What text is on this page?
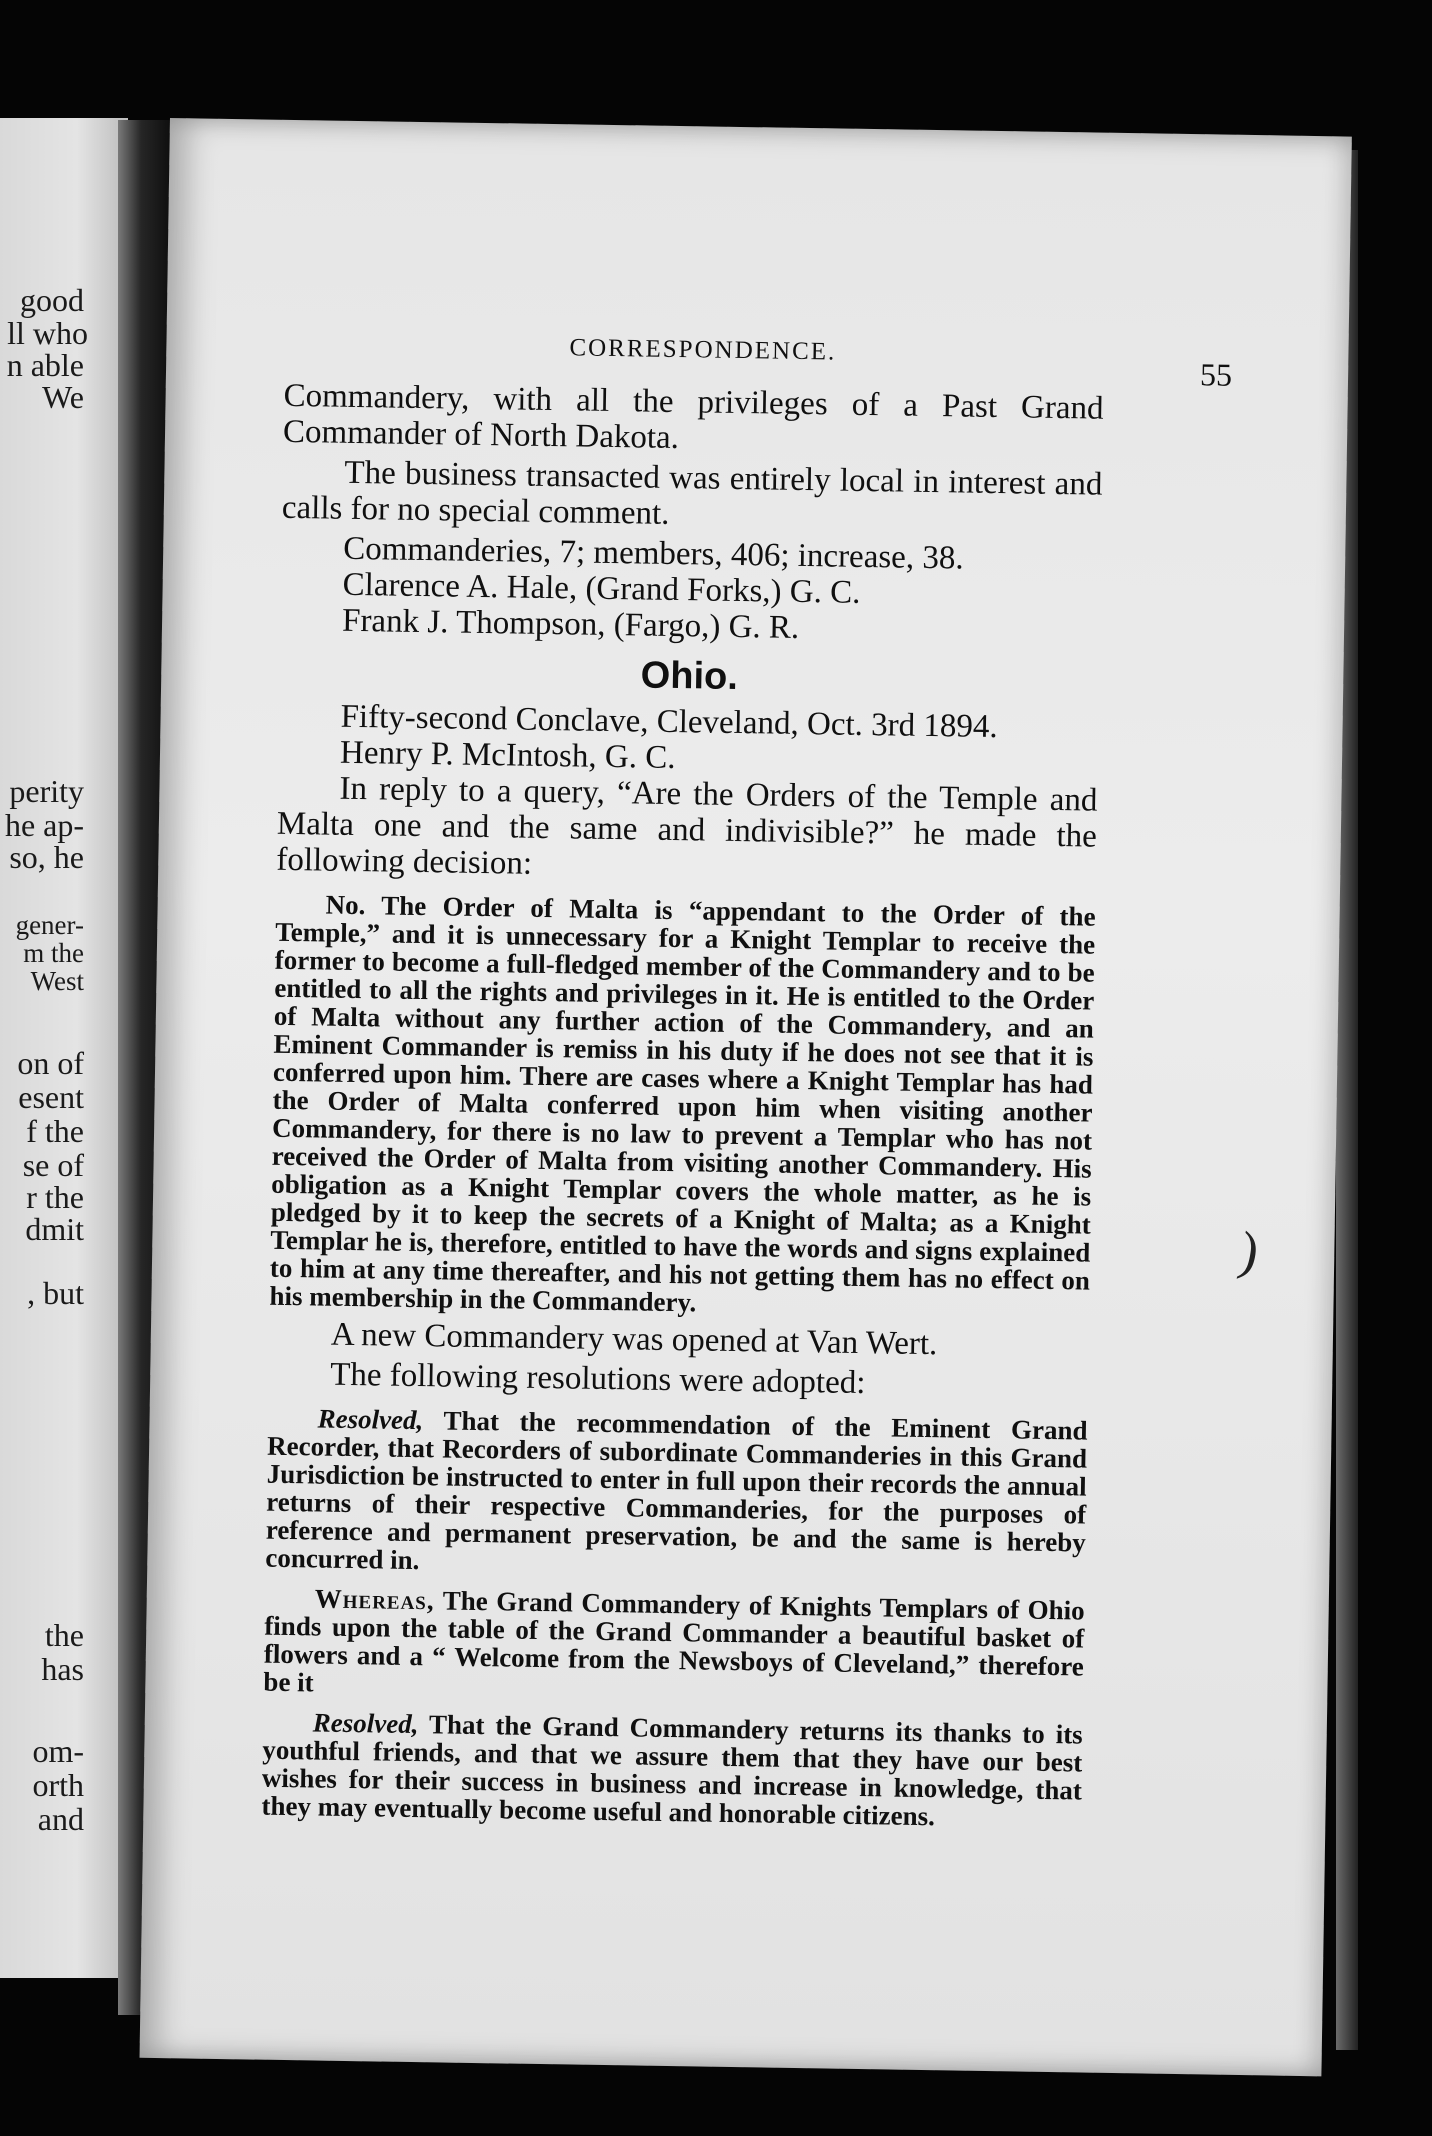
good
ll who
n able
We
perity
he ap-
so, he
gener-
m the
West
on of
esent
f the
se of
r the
dmit
, but
the
has
om-
orth
and
CORRESPONDENCE.
55

Commandery, with all the privileges of a Past Grand Commander of North Dakota.

The business transacted was entirely local in interest and calls for no special comment.

Commanderies, 7; members, 406; increase, 38.
Clarence A. Hale, (Grand Forks,) G. C.
Frank J. Thompson, (Fargo,) G. R.
Ohio.
Fifty-second Conclave, Cleveland, Oct. 3rd 1894.
Henry P. McIntosh, G. C.

In reply to a query, “Are the Orders of the Temple and Malta one and the same and indivisible?” he made the following decision:

No. The Order of Malta is “appendant to the Order of the Temple,” and it is unnecessary for a Knight Templar to receive the former to become a full-fledged member of the Commandery and to be entitled to all the rights and privileges in it. He is entitled to the Order of Malta without any further action of the Commandery, and an Eminent Commander is remiss in his duty if he does not see that it is conferred upon him. There are cases where a Knight Templar has had the Order of Malta conferred upon him when visiting another Commandery, for there is no law to prevent a Templar who has not received the Order of Malta from visiting another Commandery. His obligation as a Knight Templar covers the whole matter, as he is pledged by it to keep the secrets of a Knight of Malta; as a Knight Templar he is, therefore, entitled to have the words and signs explained to him at any time thereafter, and his not getting them has no effect on his membership in the Commandery.

A new Commandery was opened at Van Wert.

The following resolutions were adopted:

Resolved, That the recommendation of the Eminent Grand Recorder, that Recorders of subordinate Commanderies in this Grand Jurisdiction be instructed to enter in full upon their records the annual returns of their respective Commanderies, for the purposes of reference and permanent preservation, be and the same is hereby concurred in.
Whereas, The Grand Commandery of Knights Templars of Ohio finds upon the table of the Grand Commander a beautiful basket of flowers and a “ Welcome from the Newsboys of Cleveland,” therefore be it
Resolved, That the Grand Commandery returns its thanks to its youthful friends, and that we assure them that they have our best wishes for their success in business and increase in knowledge, that they may eventually become useful and honorable citizens.
)
